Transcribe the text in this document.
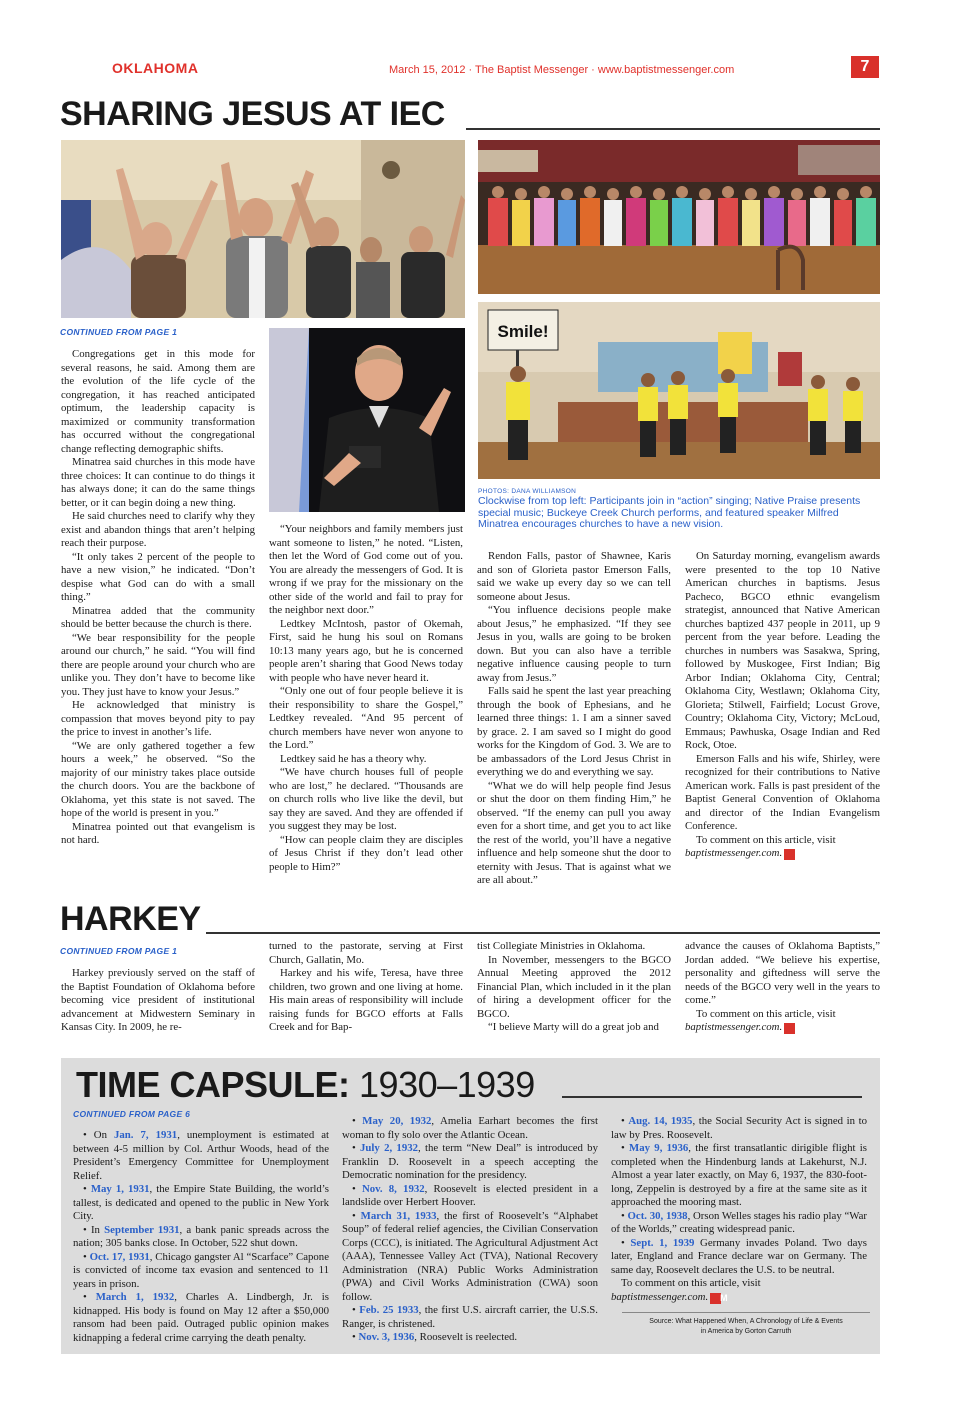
OKLAHOMA	March 15, 2012 · The Baptist Messenger · www.baptistmessenger.com	7
SHARING JESUS AT IEC
CONTINUED FROM PAGE 1	Smile!
PHOTOS: DANA WILLIAMSON
Clockwise from top left: Participants join in “action” singing; Native Praise presents special music; Buckeye Creek Church performs, and featured speaker Milfred Minatrea encourages churches to have a new vision.

Congregations get in this mode for several reasons, he said. Among them are the evolution of the life cycle of the congregation, it has reached anticipated optimum, the leadership capacity is maximized or community transformation has occurred without the congregational change reflecting demographic shifts.

Minatrea said churches in this mode have three choices: It can continue to do things it has always done; it can do the same things better, or it can begin doing a new thing.

He said churches need to clarify why they exist and abandon things that aren’t helping reach their purpose.

“It only takes 2 percent of the people to have a new vision,” he indicated. “Don’t despise what God can do with a small thing.”

Minatrea added that the community should be better because the church is there.

“We bear responsibility for the people around our church,” he said. “You will find there are people around your church who are unlike you. They don’t have to become like you. They just have to know your Jesus.”

He acknowledged that ministry is compassion that moves beyond pity to pay the price to invest in another’s life.

“We are only gathered together a few hours a week,” he observed. “So the majority of our ministry takes place outside the church doors. You are the backbone of Oklahoma, yet this state is not saved. The hope of the world is present in you.”

Minatrea pointed out that evangelism is not hard.

“Your neighbors and family members just want someone to listen,” he noted. “Listen, then let the Word of God come out of you. You are already the messengers of God. It is wrong if we pray for the missionary on the other side of the world and fail to pray for the neighbor next door.”

Ledtkey McIntosh, pastor of Okemah, First, said he hung his soul on Romans 10:13 many years ago, but he is concerned people aren’t sharing that Good News today with people who have never heard it.

“Only one out of four people believe it is their responsibility to share the Gospel,” Ledtkey revealed. “And 95 percent of church members have never won anyone to the Lord.”

Ledtkey said he has a theory why.

“We have church houses full of people who are lost,” he declared. “Thousands are on church rolls who live like the devil, but say they are saved. And they are offended if you suggest they may be lost.

“How can people claim they are disciples of Jesus Christ if they don’t lead other people to Him?”

Rendon Falls, pastor of Shawnee, Karis and son of Glorieta pastor Emerson Falls, said we wake up every day so we can tell someone about Jesus.

“You influence decisions people make about Jesus,” he emphasized. “If they see Jesus in you, walls are going to be broken down. But you can also have a terrible negative influence causing people to turn away from Jesus.”

Falls said he spent the last year preaching through the book of Ephesians, and he learned three things: 1. I am a sinner saved by grace. 2. I am saved so I might do good works for the Kingdom of God. 3. We are to be ambassadors of the Lord Jesus Christ in everything we do and everything we say.

“What we do will help people find Jesus or shut the door on them finding Him,” he observed. “If the enemy can pull you away even for a short time, and get you to act like the rest of the world, you’ll have a negative influence and help someone shut the door to eternity with Jesus. That is against what we are all about.”

On Saturday morning, evangelism awards were presented to the top 10 Native American churches in baptisms. Jesus Pacheco, BGCO ethnic evangelism strategist, announced that Native American churches baptized 437 people in 2011, up 9 percent from the year before. Leading the churches in numbers was Sasakwa, Spring, followed by Muskogee, First Indian; Big Arbor Indian; Oklahoma City, Central; Oklahoma City, Westlawn; Oklahoma City, Glorieta; Stilwell, Fairfield; Locust Grove, Country; Oklahoma City, Victory; McLoud, Emmaus; Pawhuska, Osage Indian and Red Rock, Otoe.

Emerson Falls and his wife, Shirley, were recognized for their contributions to Native American work. Falls is past president of the Baptist General Convention of Oklahoma and director of the Indian Evangelism Conference.

To comment on this article, visit
baptistmessenger.com. M

HARKEY
CONTINUED FROM PAGE 1

Harkey previously served on the staff of the Baptist Foundation of Oklahoma before becoming vice president of institutional advancement at Midwestern Seminary in Kansas City. In 2009, he re-

turned to the pastorate, serving at First Church, Gallatin, Mo.

Harkey and his wife, Teresa, have three children, two grown and one living at home. His main areas of responsibility will include raising funds for BGCO efforts at Falls Creek and for Bap-

tist Collegiate Ministries in Oklahoma.

In November, messengers to the BGCO Annual Meeting approved the 2012 Financial Plan, which included in it the plan of hiring a development officer for the BGCO.

“I believe Marty will do a great job and

advance the causes of Oklahoma Baptists,” Jordan added. “We believe his expertise, personality and giftedness will serve the needs of the BGCO very well in the years to come.”

To comment on this article, visit
baptistmessenger.com. M

TIME CAPSULE: 1930–1939
CONTINUED FROM PAGE 6

• On Jan. 7, 1931, unemployment is estimated at between 4-5 million by Col. Arthur Woods, head of the President’s Emergency Committee for Unemployment Relief.

• May 1, 1931, the Empire State Building, the world’s tallest, is dedicated and opened to the public in New York City.

• In September 1931, a bank panic spreads across the nation; 305 banks close. In October, 522 shut down.

• Oct. 17, 1931, Chicago gangster Al “Scarface” Capone is convicted of income tax evasion and sentenced to 11 years in prison.

• March 1, 1932, Charles A. Lindbergh, Jr. is kidnapped. His body is found on May 12 after a $50,000 ransom had been paid. Outraged public opinion makes kidnapping a federal crime carrying the death penalty.

• May 20, 1932, Amelia Earhart becomes the first woman to fly solo over the Atlantic Ocean.

• July 2, 1932, the term “New Deal” is introduced by Franklin D. Roosevelt in a speech accepting the Democratic nomination for the presidency.

• Nov. 8, 1932, Roosevelt is elected president in a landslide over Herbert Hoover.

• March 31, 1933, the first of Roosevelt’s “Alphabet Soup” of federal relief agencies, the Civilian Conservation Corps (CCC), is initiated. The Agricultural Adjustment Act (AAA), Tennessee Valley Act (TVA), National Recovery Administration (NRA) Public Works Administration (PWA) and Civil Works Administration (CWA) soon follow.

• Feb. 25 1933, the first U.S. aircraft carrier, the U.S.S. Ranger, is christened.

• Nov. 3, 1936, Roosevelt is reelected.

• Aug. 14, 1935, the Social Security Act is signed in to law by Pres. Roosevelt.

• May 9, 1936, the first transatlantic dirigible flight is completed when the Hindenburg lands at Lakehurst, N.J. Almost a year later exactly, on May 6, 1937, the 830-foot-long, Zeppelin is destroyed by a fire at the same site as it approached the mooring mast.

• Oct. 30, 1938, Orson Welles stages his radio play “War of the Worlds,” creating widespread panic.

• Sept. 1, 1939 Germany invades Poland. Two days later, England and France declare war on Germany. The same day, Roosevelt declares the U.S. to be neutral.

To comment on this article, visit
baptistmessenger.com. M

Source: What Happened When, A Chronology of Life & Events
in America by Gorton Carruth
